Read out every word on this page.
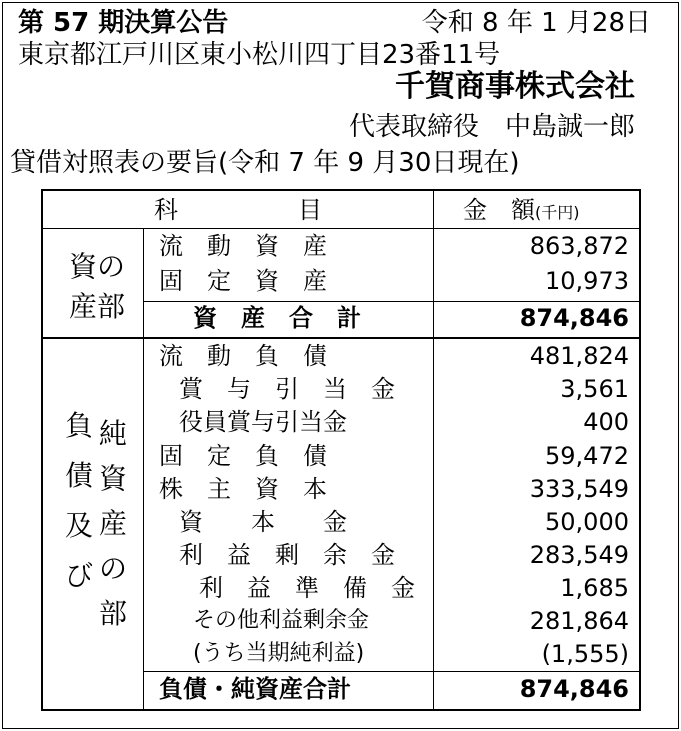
第 57 期決算公告	令和 8 年 1 月28日
東京都江戸川区東小松川四丁目23番11号
千賀商事株式会社
代表取締役　中島誠一郎
貸借対照表の要旨(令和 7 年 9 月30日現在)
科　　　　　目	金　額(千円)
資の
産部
流　動　資　産	863,872
固　定　資　産	10,973
資　産　合　計	874,846
負
債
及
び
純
資
産
の
部
流　動　負　債	481,824
賞　与　引　当　金	3,561
役員賞与引当金	400
固　定　負　債	59,472
株　主　資　本	333,549
資　　本　　金	50,000
利　益　剰　余　金	283,549
利　益　準　備　金	1,685
その他利益剰余金	281,864
(うち当期純利益)	(1,555)
負債・純資産合計	874,846
